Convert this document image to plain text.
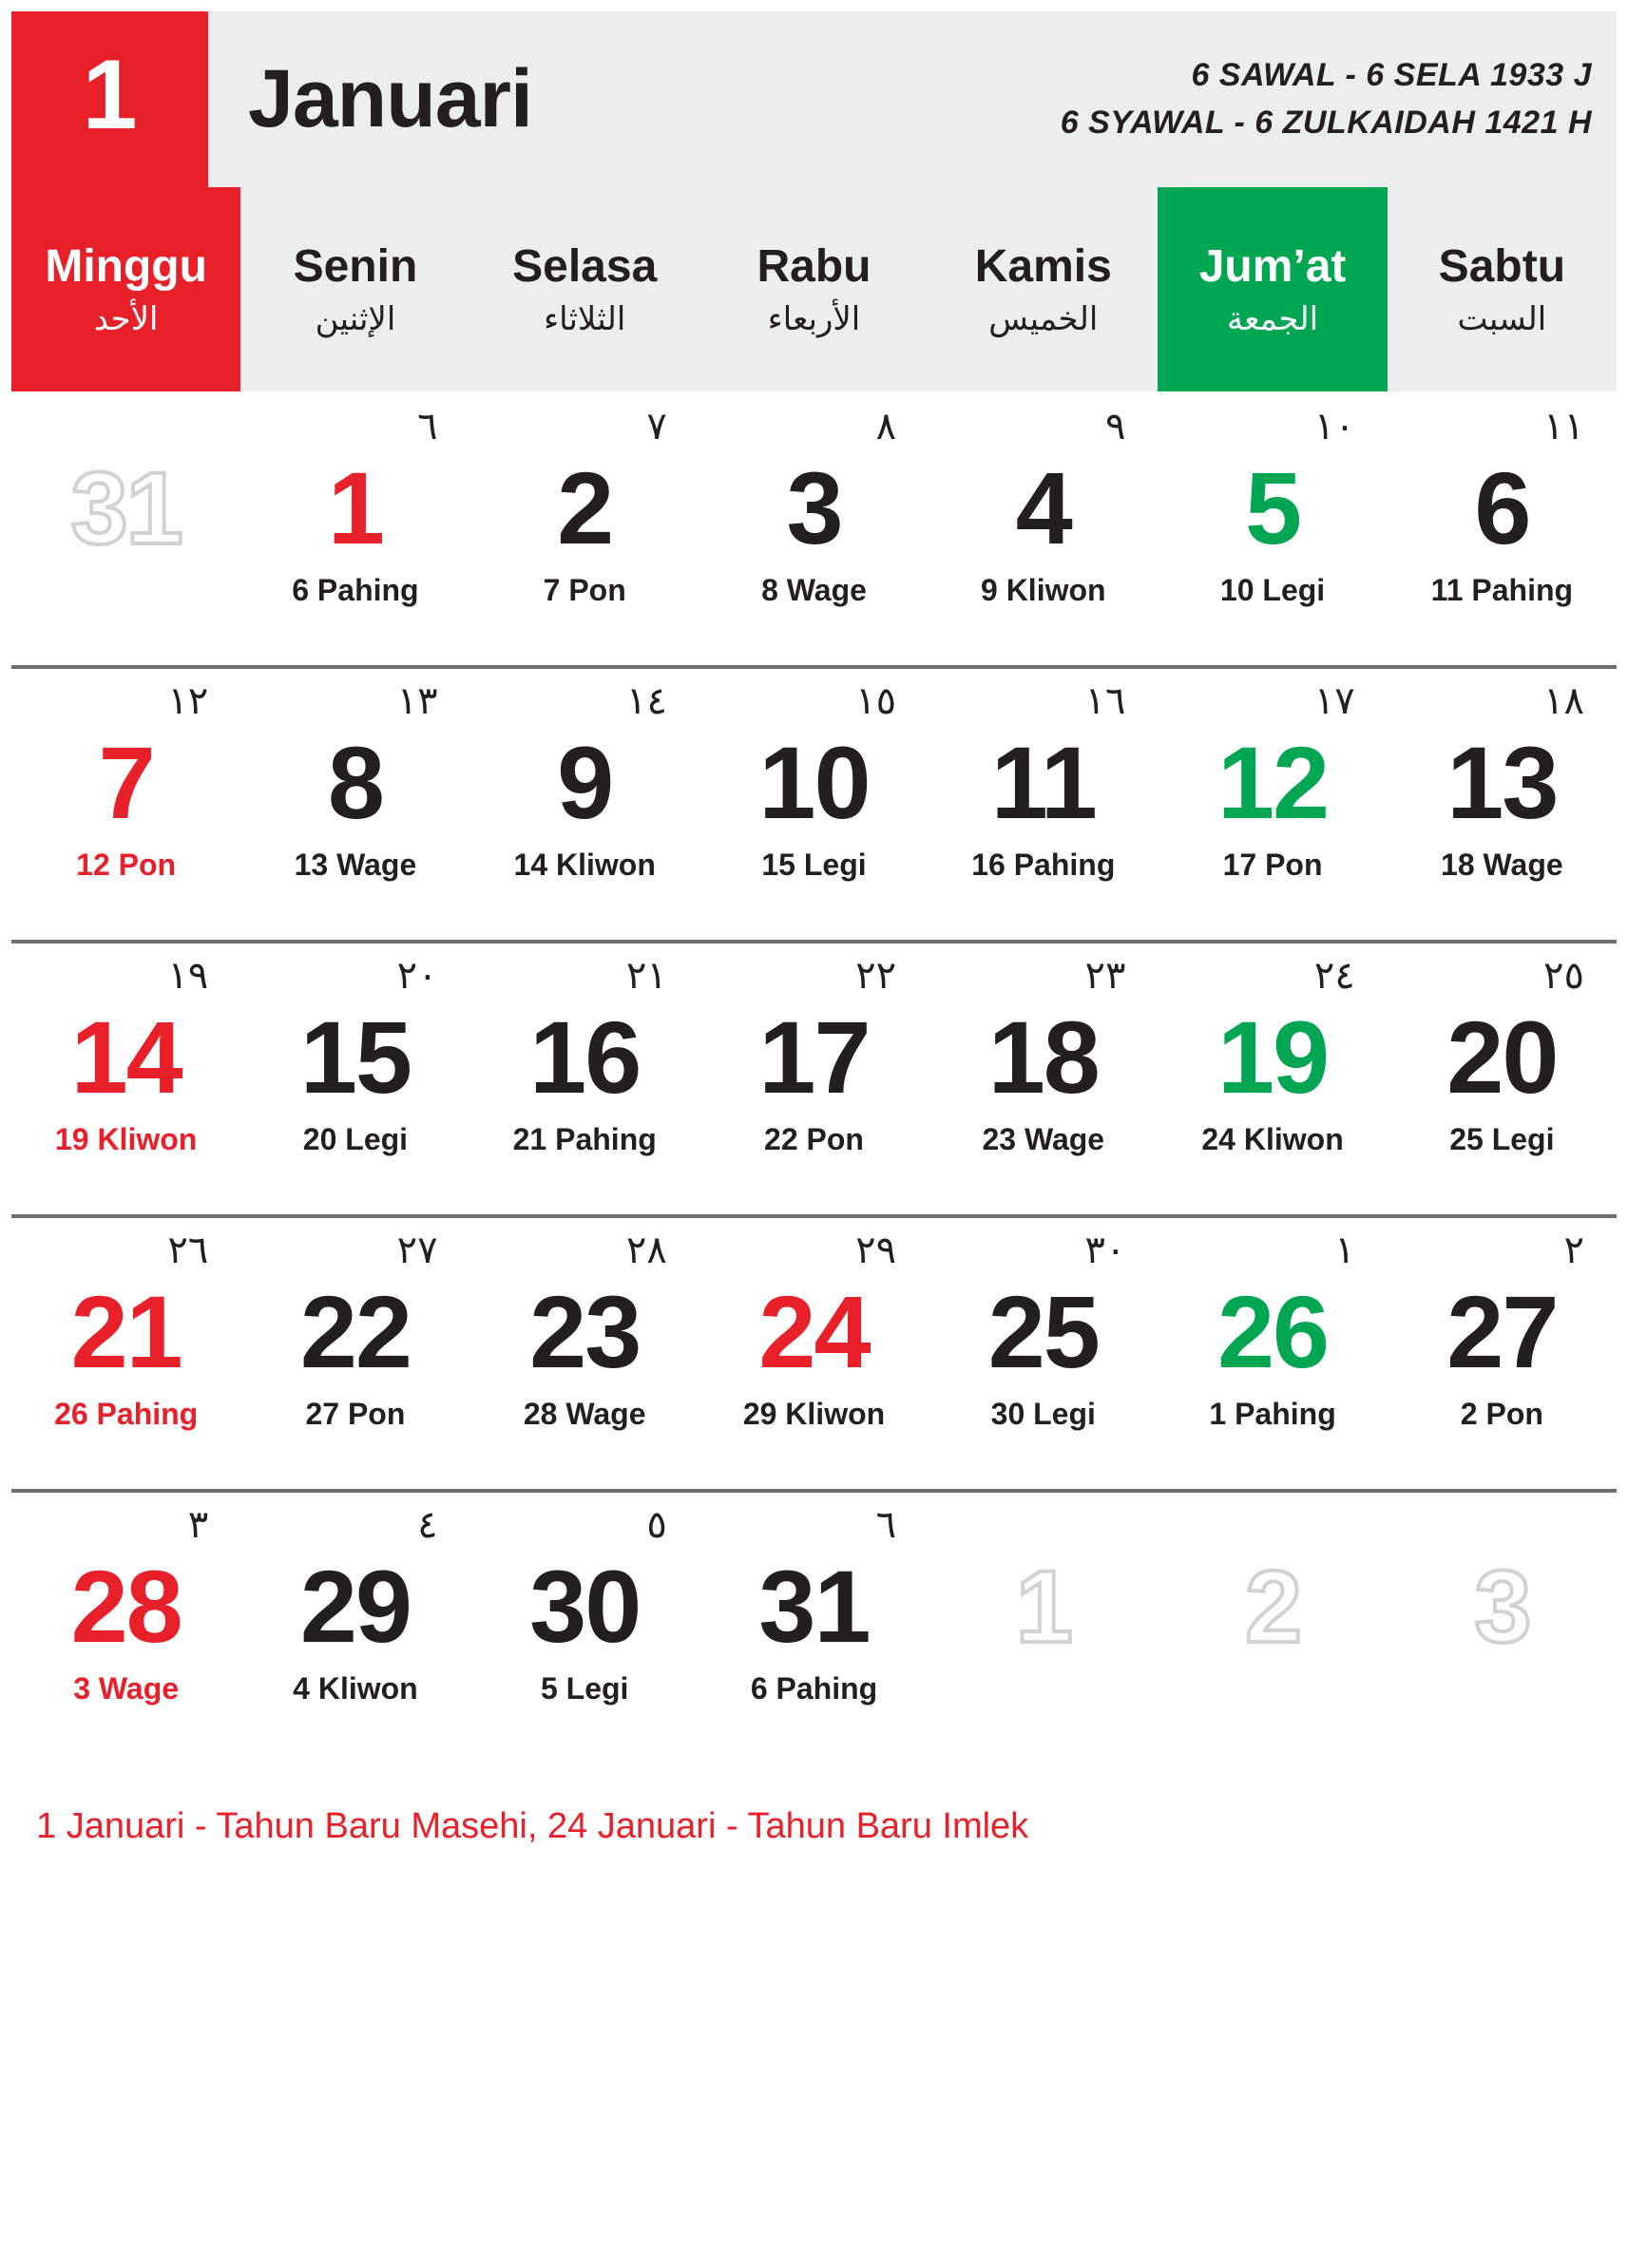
1	Januari	6 SAWAL - 6 SELA 1933 J
6 SYAWAL - 6 ZULKAIDAH 1421 H
Minggu
الأحد
Senin
الإثنين
Selasa
الثلاثاء
Rabu
الأربعاء
Kamis
الخميس
Jum’at
الجمعة
Sabtu
السبت
31
٦
1
6 Pahing
٧
2
7 Pon
٨
3
8 Wage
٩
4
9 Kliwon
١٠
5
10 Legi
١١
6
11 Pahing
١٢
7
12 Pon
١٣
8
13 Wage
١٤
9
14 Kliwon
١٥
10
15 Legi
١٦
11
16 Pahing
١٧
12
17 Pon
١٨
13
18 Wage
١٩
14
19 Kliwon
٢٠
15
20 Legi
٢١
16
21 Pahing
٢٢
17
22 Pon
٢٣
18
23 Wage
٢٤
19
24 Kliwon
٢٥
20
25 Legi
٢٦
21
26 Pahing
٢٧
22
27 Pon
٢٨
23
28 Wage
٢٩
24
29 Kliwon
٣٠
25
30 Legi
١
26
1 Pahing
٢
27
2 Pon
٣
28
3 Wage
٤
29
4 Kliwon
٥
30
5 Legi
٦
31
6 Pahing
1 2 3
1 Januari - Tahun Baru Masehi, 24 Januari - Tahun Baru Imlek
